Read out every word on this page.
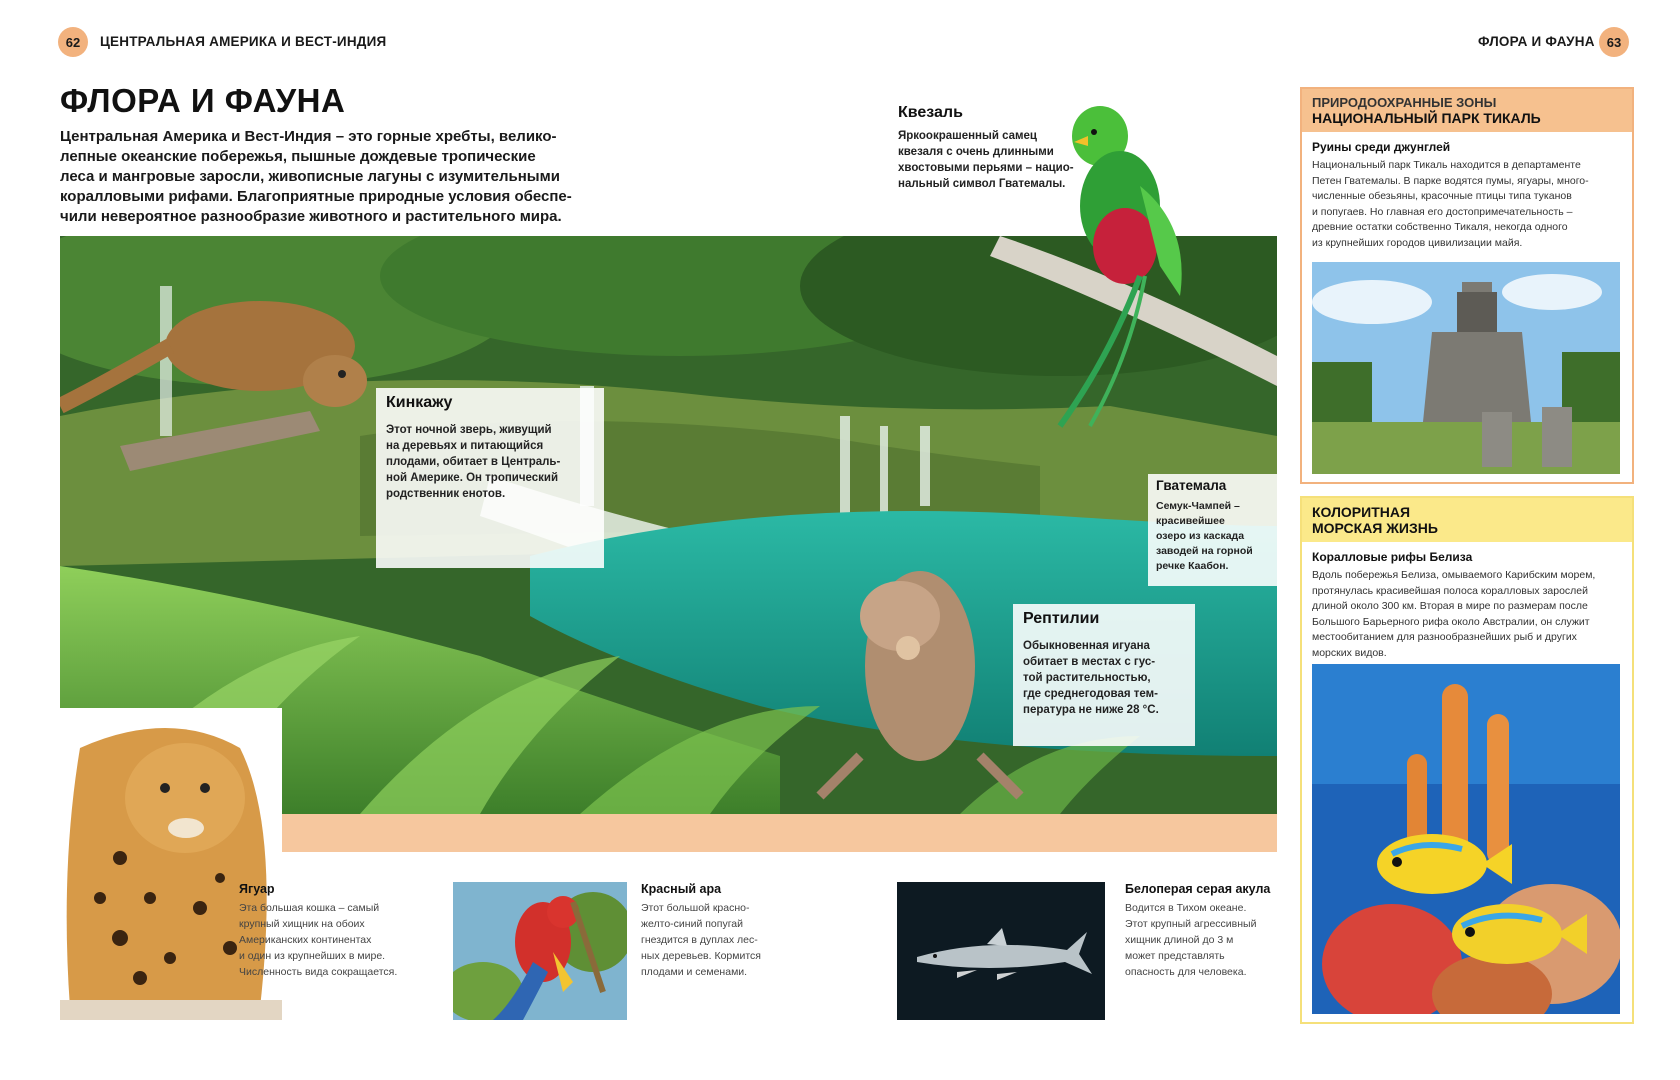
62	ЦЕНТРАЛЬНАЯ АМЕРИКА И ВЕСТ-ИНДИЯ	ФЛОРА И ФАУНА 63
ФЛОРА И ФАУНА
Центральная Америка и Вест-Индия – это горные хребты, велико-
лепные океанские побережья, пышные дождевые тропические
леса и мангровые заросли, живописные лагуны с изумительными
коралловыми рифами. Благоприятные природные условия обеспе-
чили невероятное разнообразие животного и растительного мира.
Квезаль
Яркоокрашенный самец
квезаля с очень длинными
хвостовыми перьями – нацио-
нальный символ Гватемалы.
Кинкажу
Этот ночной зверь, живущий
на деревьях и питающийся
плодами, обитает в Централь-
ной Америке. Он тропический
родственник енотов.
Гватемала
Семук-Чампей –
красивейшее
озеро из каскада
заводей на горной
речке Каабон.
Рептилии
Обыкновенная игуана
обитает в местах с гус-
той растительностью,
где среднегодовая тем-
пература не ниже 28 °С.
Ягуар
Эта большая кошка – самый
крупный хищник на обоих
Американских континентах
и один из крупнейших в мире.
Численность вида сокращается.
Красный ара
Этот большой красно-
желто-синий попугай
гнездится в дуплах лес-
ных деревьев. Кормится
плодами и семенами.
Белоперая серая акула
Водится в Тихом океане.
Этот крупный агрессивный
хищник длиной до 3 м
может представлять
опасность для человека.
ПРИРОДООХРАННЫЕ ЗОНЫ
НАЦИОНАЛЬНЫЙ ПАРК ТИКАЛЬ
Руины среди джунглей
Национальный парк Тикаль находится в департаменте
Петен Гватемалы. В парке водятся пумы, ягуары, много-
численные обезьяны, красочные птицы типа туканов
и попугаев. Но главная его достопримечательность –
древние остатки собственно Тикаля, некогда одного
из крупнейших городов цивилизации майя.
КОЛОРИТНАЯ
МОРСКАЯ ЖИЗНЬ
Коралловые рифы Белиза
Вдоль побережья Белиза, омываемого Карибским морем,
протянулась красивейшая полоса коралловых зарослей
длиной около 300 км. Вторая в мире по размерам после
Большого Барьерного рифа около Австралии, он служит
местообитанием для разнообразнейших рыб и других
морских видов.
